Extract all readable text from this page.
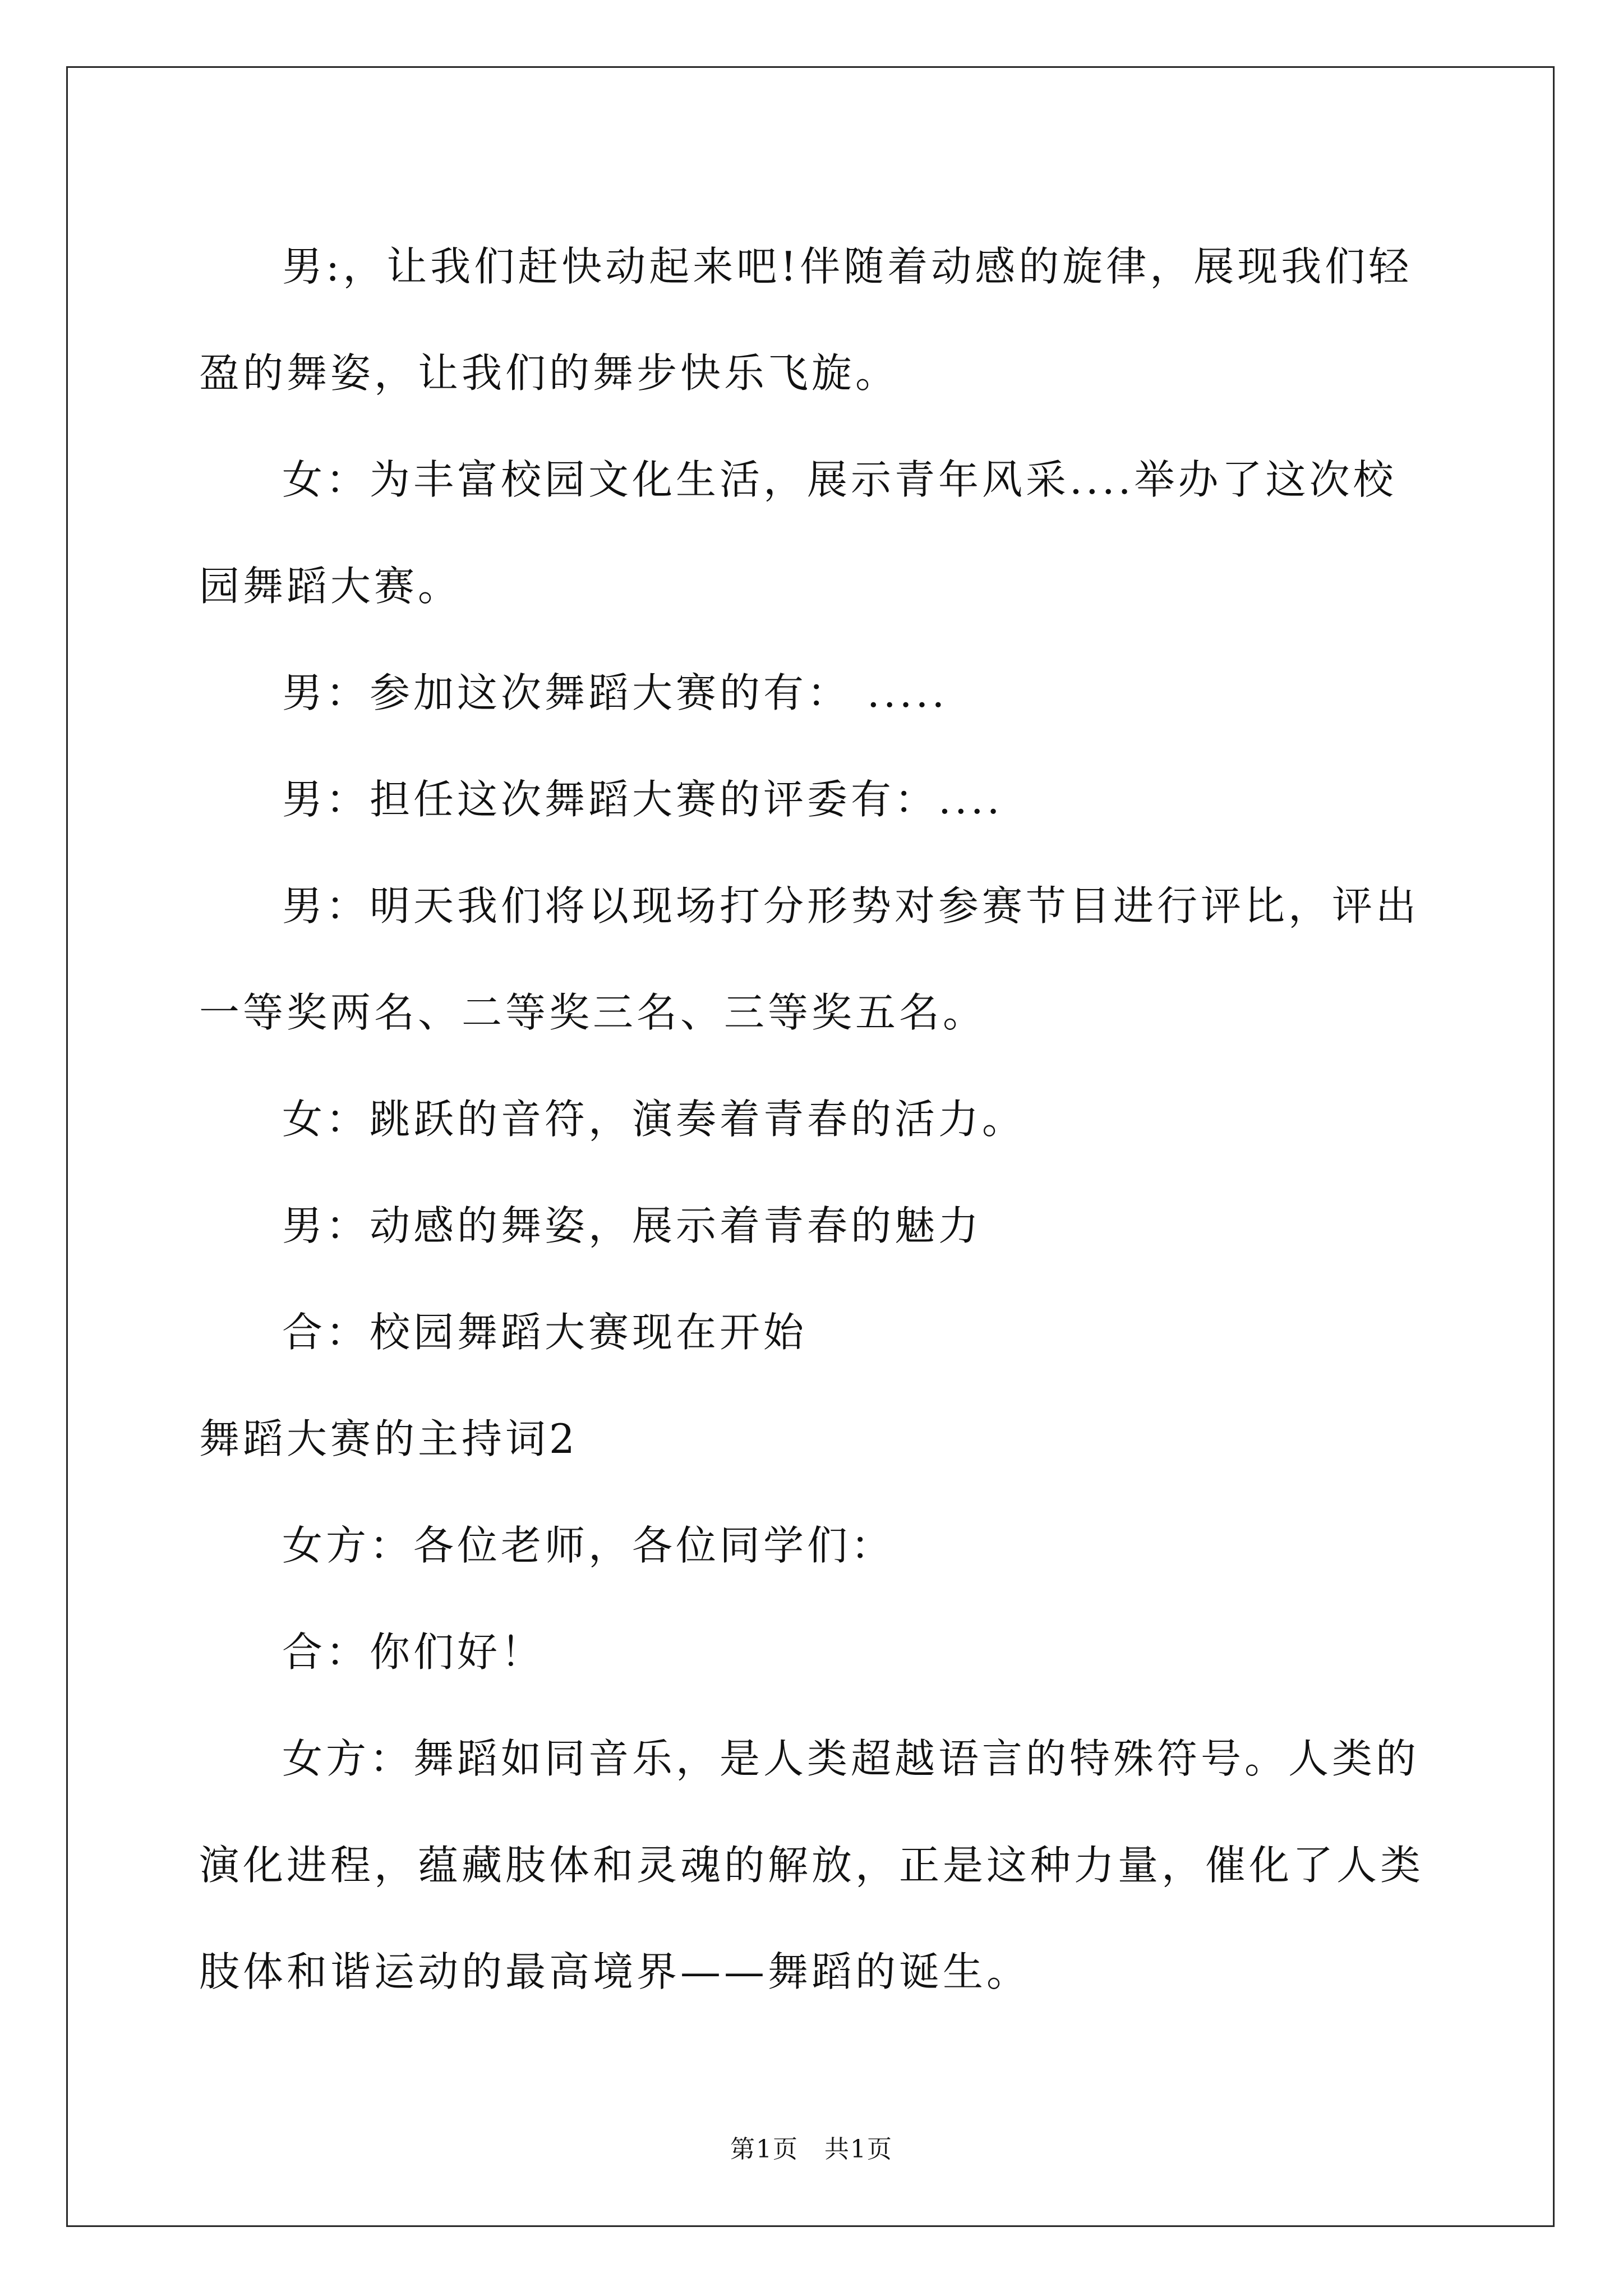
男:，让我们赶快动起来吧!伴随着动感的旋律，展现我们轻盈的舞姿，让我们的舞步快乐飞旋。

女：为丰富校园文化生活，展示青年风采....举办了这次校园舞蹈大赛。

男：参加这次舞蹈大赛的有： .....

男：担任这次舞蹈大赛的评委有：....

男：明天我们将以现场打分形势对参赛节目进行评比，评出一等奖两名、二等奖三名、三等奖五名。

女：跳跃的音符，演奏着青春的活力。

男：动感的舞姿，展示着青春的魅力

合：校园舞蹈大赛现在开始

舞蹈大赛的主持词2

女方：各位老师，各位同学们：

合：你们好！

女方：舞蹈如同音乐，是人类超越语言的特殊符号。人类的演化进程，蕴藏肢体和灵魂的解放，正是这种力量，催化了人类肢体和谐运动的最高境界——舞蹈的诞生。

第1页　共1页
